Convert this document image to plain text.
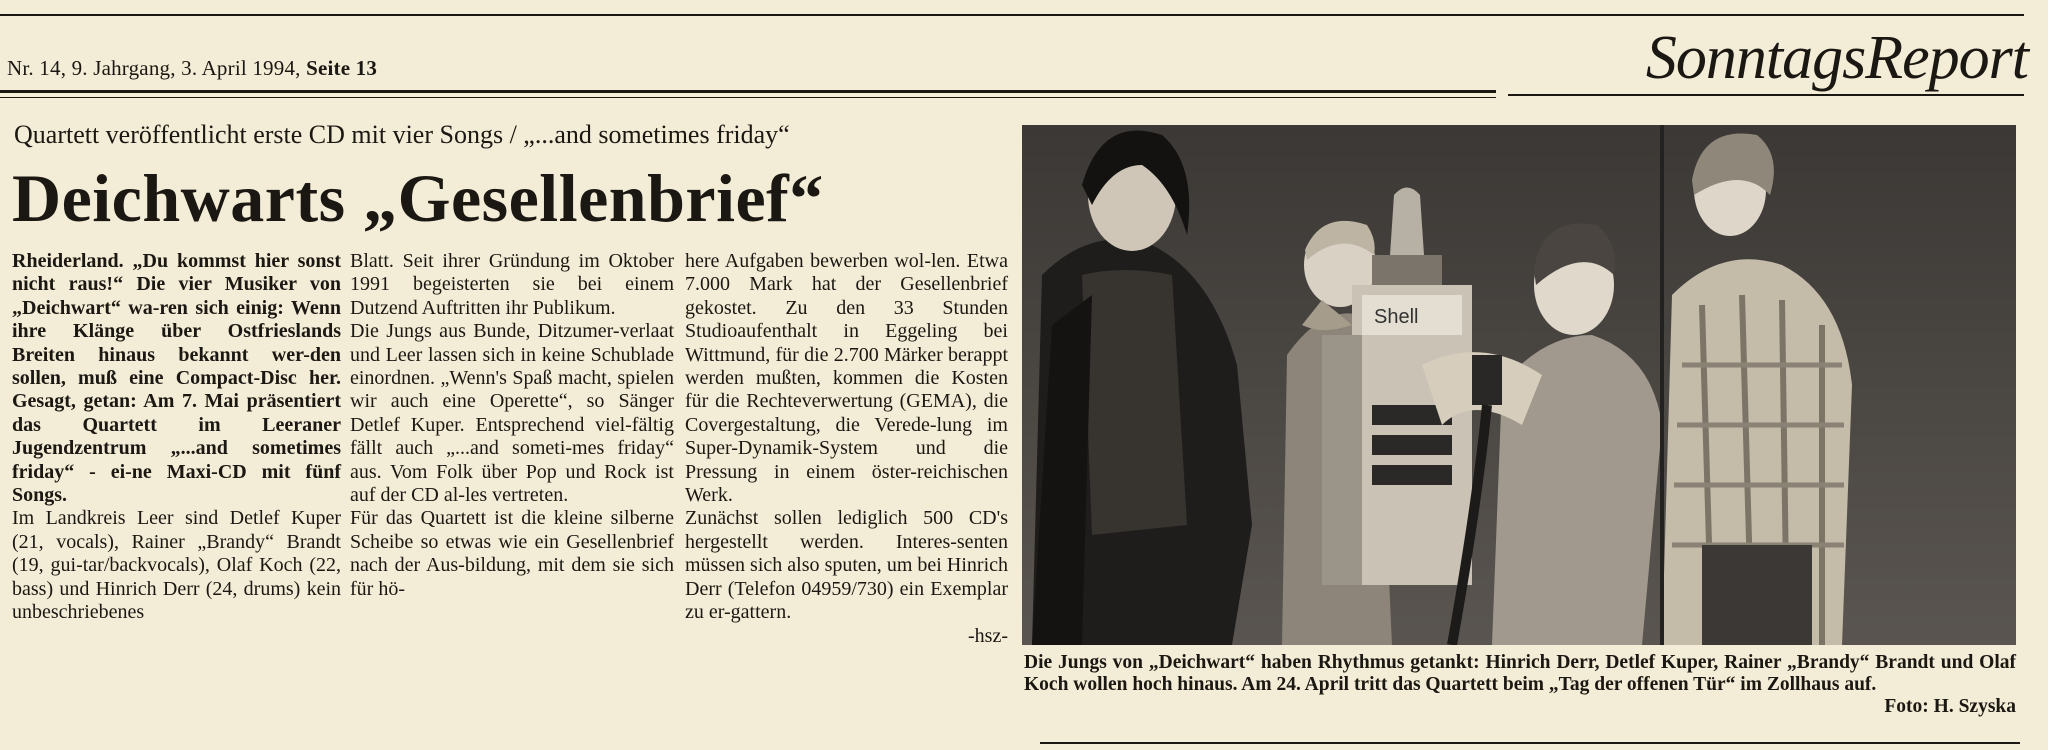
Nr. 14, 9. Jahrgang, 3. April 1994, Seite 13	SonntagsReport
Quartett veröffentlicht erste CD mit vier Songs / „...and sometimes friday“
Deichwarts „Gesellenbrief“

Rheiderland. „Du kommst hier sonst nicht raus!“ Die vier Musiker von „Deichwart“ wa-ren sich einig: Wenn ihre Klänge über Ostfrieslands Breiten hinaus bekannt wer-den sollen, muß eine Compact-Disc her. Gesagt, getan: Am 7. Mai präsentiert das Quartett im Leeraner Jugendzentrum „...and sometimes friday“ - ei-ne Maxi-CD mit fünf Songs.

Im Landkreis Leer sind Detlef Kuper (21, vocals), Rainer „Brandy“ Brandt (19, gui-tar/backvocals), Olaf Koch (22, bass) und Hinrich Derr (24, drums) kein unbeschriebenes

Blatt. Seit ihrer Gründung im Oktober 1991 begeisterten sie bei einem Dutzend Auftritten ihr Publikum.

Die Jungs aus Bunde, Ditzumer-verlaat und Leer lassen sich in keine Schublade einordnen. „Wenn's Spaß macht, spielen wir auch eine Operette“, so Sänger Detlef Kuper. Entsprechend viel-fältig fällt auch „...and someti-mes friday“ aus. Vom Folk über Pop und Rock ist auf der CD al-les vertreten.

Für das Quartett ist die kleine silberne Scheibe so etwas wie ein Gesellenbrief nach der Aus-bildung, mit dem sie sich für hö-

here Aufgaben bewerben wol-len. Etwa 7.000 Mark hat der Gesellenbrief gekostet. Zu den 33 Stunden Studioaufenthalt in Eggeling bei Wittmund, für die 2.700 Märker berappt werden mußten, kommen die Kosten für die Rechteverwertung (GEMA), die Covergestaltung, die Verede-lung im Super-Dynamik-System und die Pressung in einem öster-reichischen Werk.

Zunächst sollen lediglich 500 CD's hergestellt werden. Interes-senten müssen sich also sputen, um bei Hinrich Derr (Telefon 04959/730) ein Exemplar zu er-gattern.

-hsz-

Shell
Die Jungs von „Deichwart“ haben Rhythmus getankt: Hinrich Derr, Detlef Kuper, Rainer „Brandy“ Brandt und Olaf Koch wollen hoch hinaus. Am 24. April tritt das Quartett beim „Tag der offenen Tür“ im Zollhaus auf.
Foto: H. Szyska
